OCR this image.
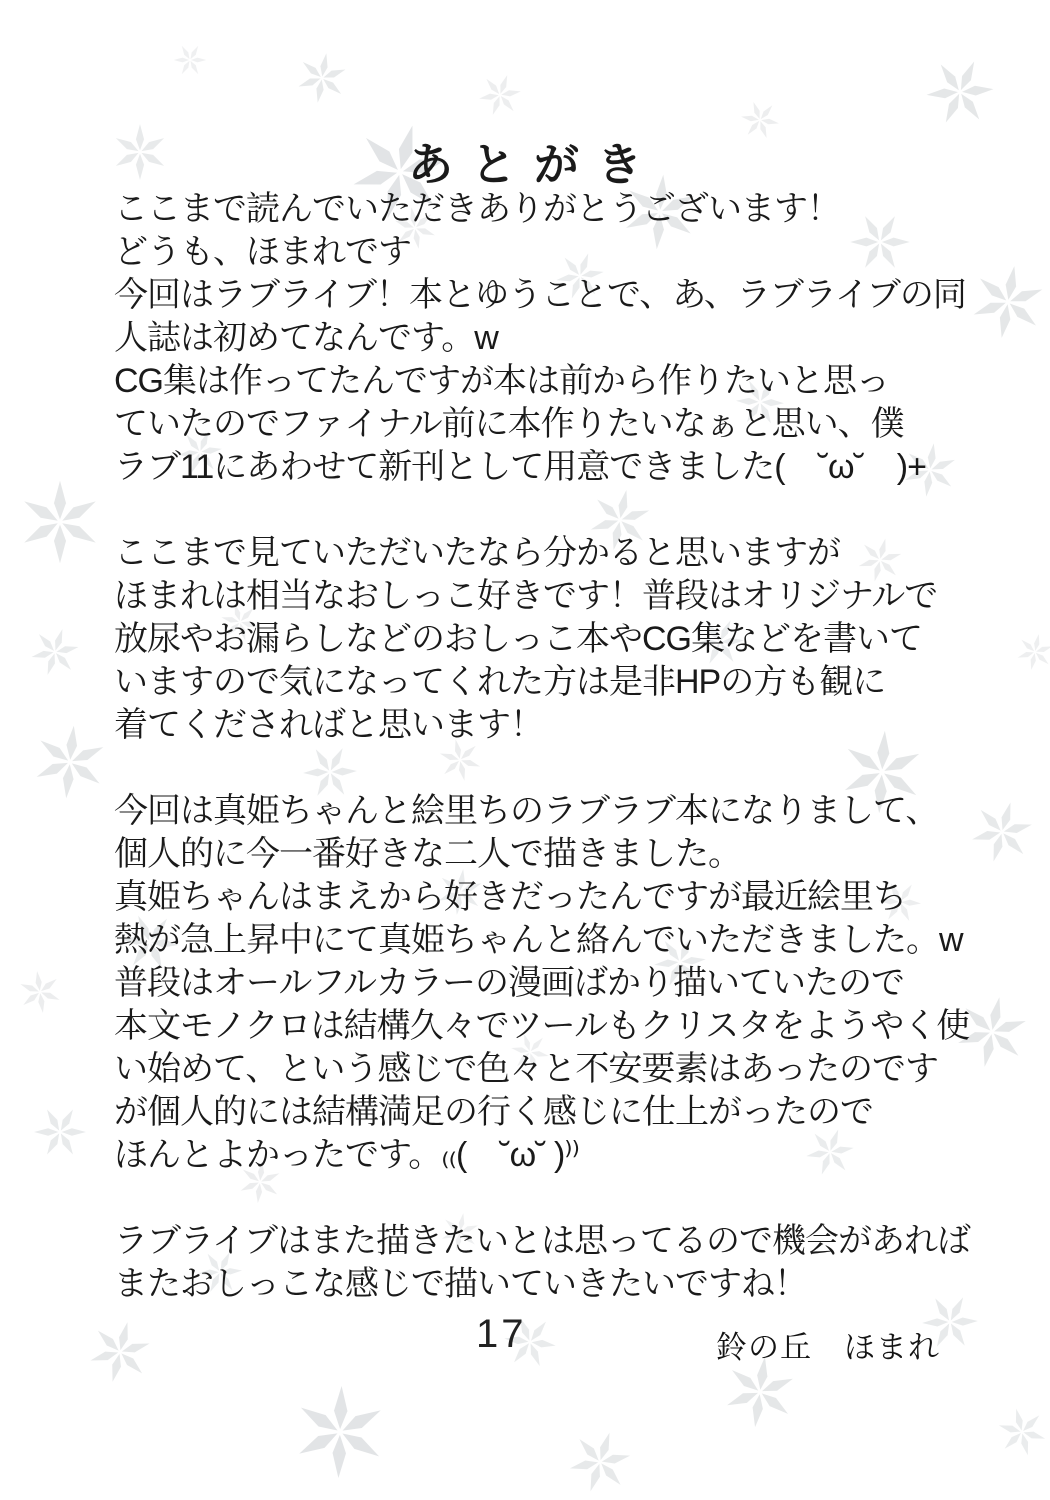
あとがき

ここまで読んでいただきありがとうございます！

どうも、ほまれです

今回はラブライブ！本とゆうことで、あ、ラブライブの同

人誌は初めてなんです。w

CG集は作ってたんですが本は前から作りたいと思っ

ていたのでファイナル前に本作りたいなぁと思い、僕

ラブ11にあわせて新刊として用意できました(　˘ω˘　)+

ここまで見ていただいたなら分かると思いますが

ほまれは相当なおしっこ好きです！普段はオリジナルで

放尿やお漏らしなどのおしっこ本やCG集などを書いて

いますので気になってくれた方は是非HPの方も観に

着てくださればと思います！

今回は真姫ちゃんと絵里ちのラブラブ本になりまして、

個人的に今一番好きな二人で描きました。

真姫ちゃんはまえから好きだったんですが最近絵里ち

熱が急上昇中にて真姫ちゃんと絡んでいただきました。w

普段はオールフルカラーの漫画ばかり描いていたので

本文モノクロは結構久々でツールもクリスタをようやく使

い始めて、という感じで色々と不安要素はあったのです

が個人的には結構満足の行く感じに仕上がったので

ほんとよかったです。₍₍(　˘ω˘ )⁾⁾

ラブライブはまた描きたいとは思ってるので機会があれば

またおしっこな感じで描いていきたいですね！

17	鈴の丘　ほまれ
